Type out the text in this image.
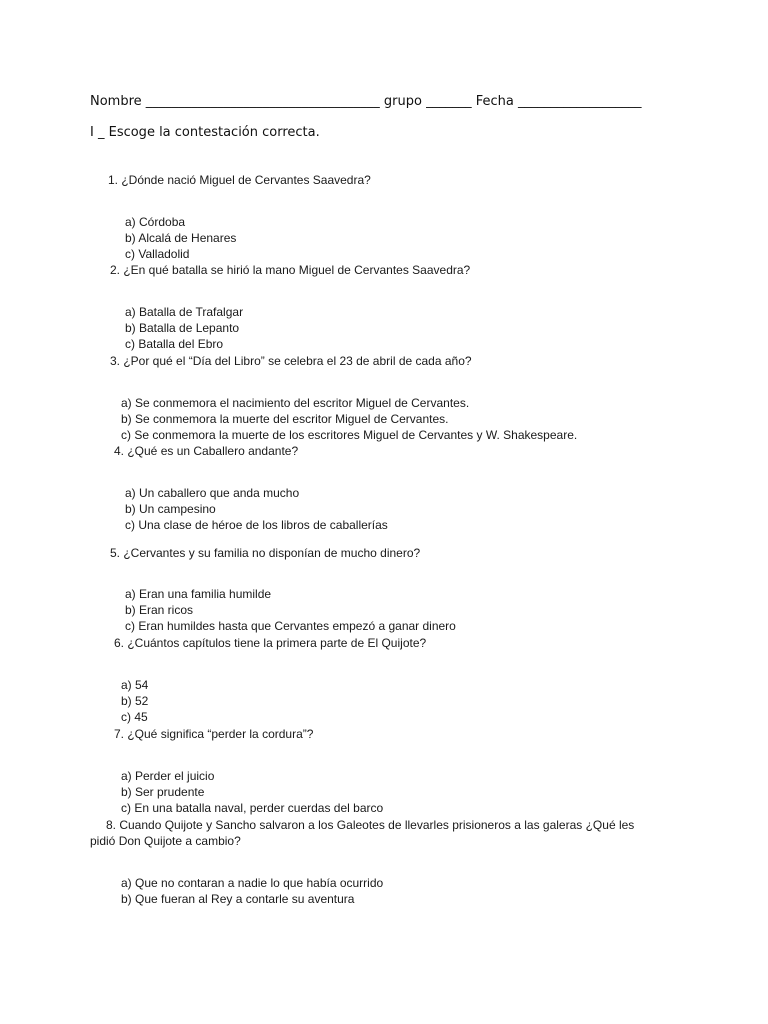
Nombre ____________________________________ grupo _______ Fecha ___________________
I _ Escoge la contestación correcta.
1. ¿Dónde nació Miguel de Cervantes Saavedra?
a) Córdoba
b) Alcalá de Henares
c) Valladolid
2. ¿En qué batalla se hirió la mano Miguel de Cervantes Saavedra?
a) Batalla de Trafalgar
b) Batalla de Lepanto
c) Batalla del Ebro
3. ¿Por qué el “Día del Libro” se celebra el 23 de abril de cada año?
a) Se conmemora el nacimiento del escritor Miguel de Cervantes.
b) Se conmemora la muerte del escritor Miguel de Cervantes.
c) Se conmemora la muerte de los escritores Miguel de Cervantes y W. Shakespeare.
4. ¿Qué es un Caballero andante?
a) Un caballero que anda mucho
b) Un campesino
c) Una clase de héroe de los libros de caballerías
5. ¿Cervantes y su familia no disponían de mucho dinero?
a) Eran una familia humilde
b) Eran ricos
c) Eran humildes hasta que Cervantes empezó a ganar dinero
6. ¿Cuántos capítulos tiene la primera parte de El Quijote?
a) 54
b) 52
c) 45
7. ¿Qué significa “perder la cordura”?
a) Perder el juicio
b) Ser prudente
c) En una batalla naval, perder cuerdas del barco
8. Cuando Quijote y Sancho salvaron a los Galeotes de llevarles prisioneros a las galeras ¿Qué les
pidió Don Quijote a cambio?
a) Que no contaran a nadie lo que había ocurrido
b) Que fueran al Rey a contarle su aventura
